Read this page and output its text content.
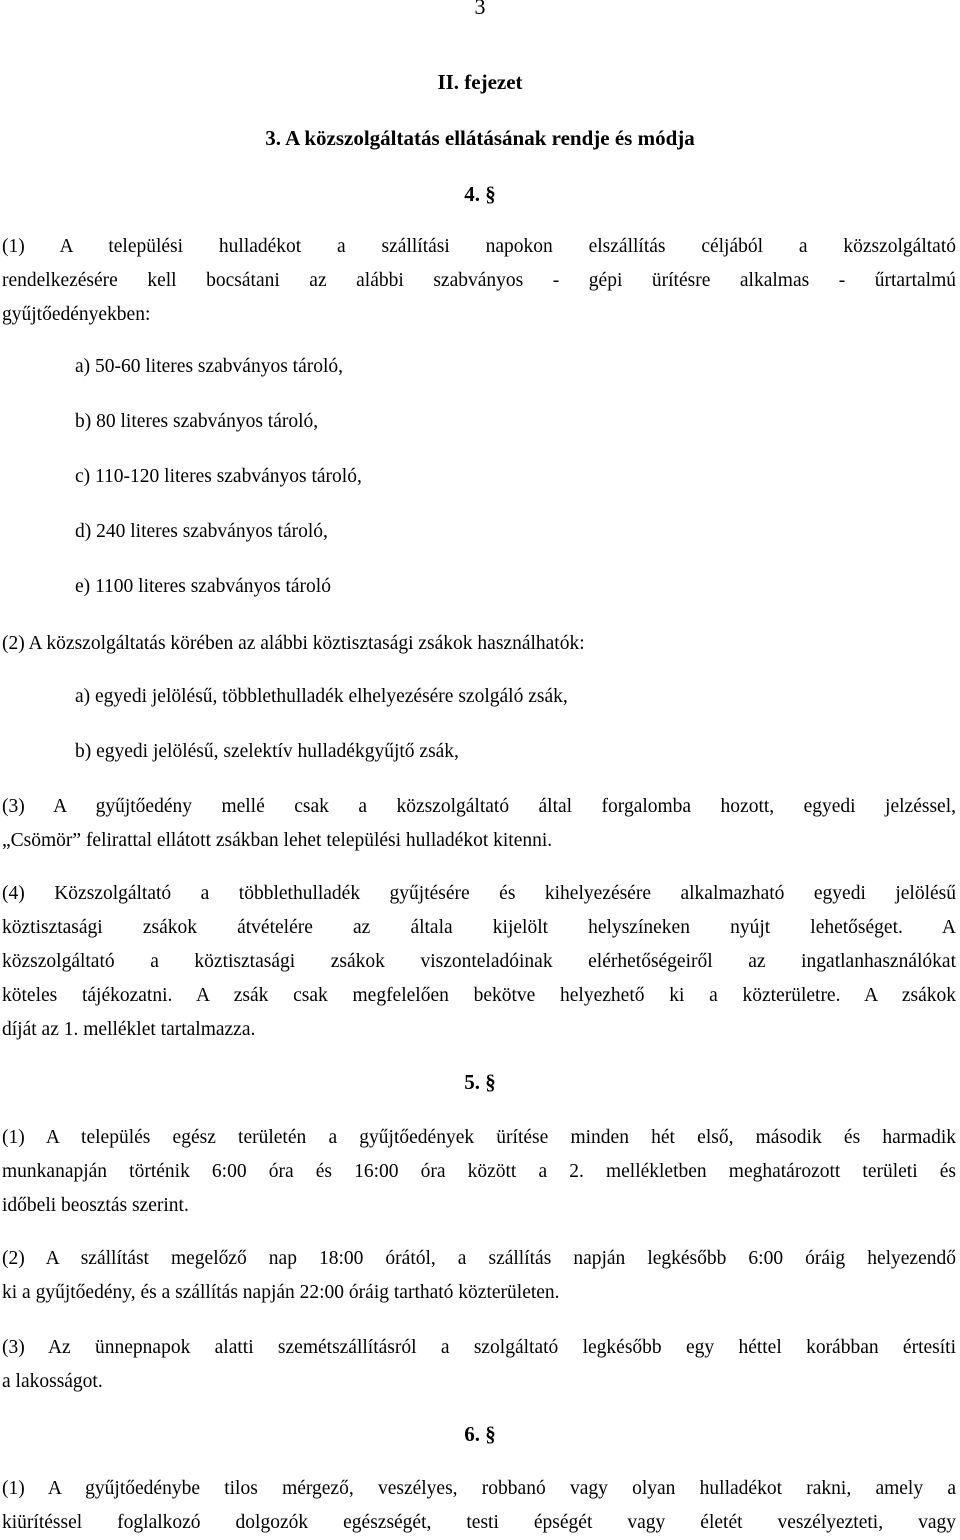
3
II. fejezet
3. A közszolgáltatás ellátásának rendje és módja
4. §
(1) A települési hulladékot a szállítási napokon elszállítás céljából a közszolgáltató
rendelkezésére kell bocsátani az alábbi szabványos - gépi ürítésre alkalmas - űrtartalmú
gyűjtőedényekben:
a) 50-60 literes szabványos tároló,
b) 80 literes szabványos tároló,
c) 110-120 literes szabványos tároló,
d) 240 literes szabványos tároló,
e) 1100 literes szabványos tároló
(2) A közszolgáltatás körében az alábbi köztisztasági zsákok használhatók:
a) egyedi jelölésű, többlethulladék elhelyezésére szolgáló zsák,
b) egyedi jelölésű, szelektív hulladékgyűjtő zsák,
(3) A gyűjtőedény mellé csak a közszolgáltató által forgalomba hozott, egyedi jelzéssel,
„Csömör” felirattal ellátott zsákban lehet települési hulladékot kitenni.
(4) Közszolgáltató a többlethulladék gyűjtésére és kihelyezésére alkalmazható egyedi jelölésű
köztisztasági zsákok átvételére az általa kijelölt helyszíneken nyújt lehetőséget. A
közszolgáltató a köztisztasági zsákok viszonteladóinak elérhetőségeiről az ingatlanhasználókat
köteles tájékozatni. A zsák csak megfelelően bekötve helyezhető ki a közterületre. A zsákok
díját az 1. melléklet tartalmazza.
5. §
(1) A település egész területén a gyűjtőedények ürítése minden hét első, második és harmadik
munkanapján történik 6:00 óra és 16:00 óra között a 2. mellékletben meghatározott területi és
időbeli beosztás szerint.
(2) A szállítást megelőző nap 18:00 órától, a szállítás napján legkésőbb 6:00 óráig helyezendő
ki a gyűjtőedény, és a szállítás napján 22:00 óráig tartható közterületen.
(3) Az ünnepnapok alatti szemétszállításról a szolgáltató legkésőbb egy héttel korábban értesíti
a lakosságot.
6. §
(1) A gyűjtőedénybe tilos mérgező, veszélyes, robbanó vagy olyan hulladékot rakni, amely a
kiürítéssel foglalkozó dolgozók egészségét, testi épségét vagy életét veszélyezteti, vagy
